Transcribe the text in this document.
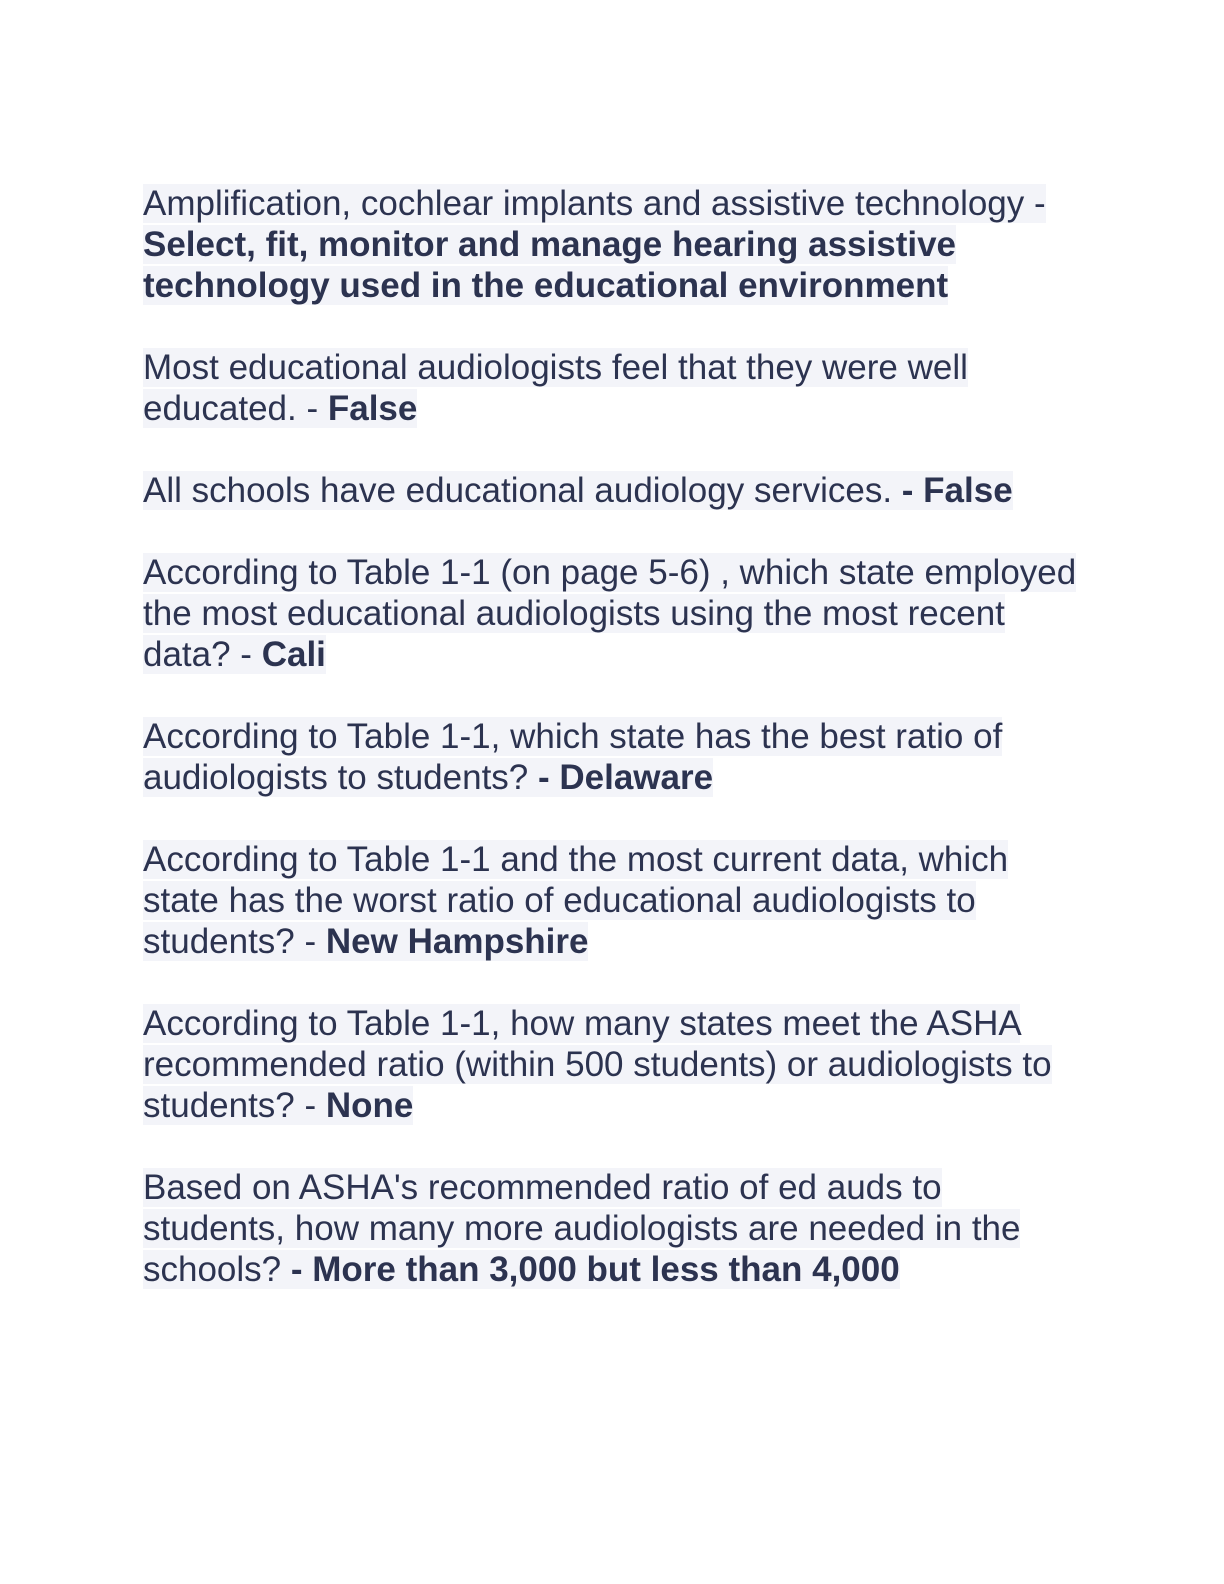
Amplification, cochlear implants and assistive technology - Select, fit, monitor and manage hearing assistive technology used in the educational environment

Most educational audiologists feel that they were well educated. - False

All schools have educational audiology services. - False

According to Table 1-1 (on page 5-6) , which state employed the most educational audiologists using the most recent data? - Cali

According to Table 1-1, which state has the best ratio of audiologists to students? - Delaware

According to Table 1-1 and the most current data, which state has the worst ratio of educational audiologists to students? - New Hampshire

According to Table 1-1, how many states meet the ASHA recommended ratio (within 500 students) or audiologists to students? - None

Based on ASHA's recommended ratio of ed auds to students, how many more audiologists are needed in the schools? - More than 3,000 but less than 4,000
